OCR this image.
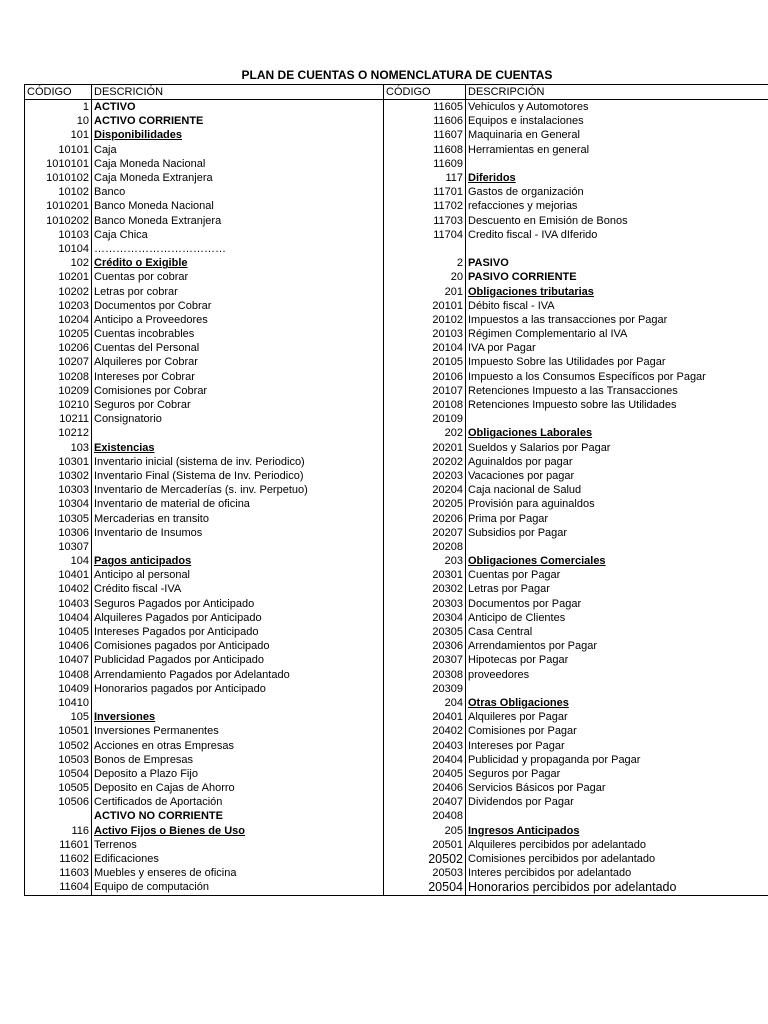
PLAN DE CUENTAS O NOMENCLATURA DE CUENTAS
CÓDIGO	DESCRICIÓN	CÓDIGO	DESCRIPCIÓN
1	ACTIVO	11605	Vehiculos y Automotores
10	ACTIVO CORRIENTE	11606	Equipos e instalaciones
101	Disponibilidades	11607	Maquinaria en General
10101	Caja	11608	Herramientas en general
1010101	Caja Moneda Nacional	11609	
1010102	Caja Moneda Extranjera	117	Diferidos
10102	Banco	11701	Gastos de organización
1010201	Banco Moneda Nacional	11702	refacciones y mejorias
1010202	Banco Moneda Extranjera	11703	Descuento en Emisión de Bonos
10103	Caja Chica	11704	Credito fiscal - IVA dIferido
10104	………………………………		
102	Crédito o Exigible	2	PASIVO
10201	Cuentas por cobrar	20	PASIVO CORRIENTE
10202	Letras por cobrar	201	Obligaciones tributarias
10203	Documentos por Cobrar	20101	Débito fiscal - IVA
10204	Anticipo a Proveedores	20102	Impuestos a las transacciones por Pagar
10205	Cuentas incobrables	20103	Régimen Complementario al IVA
10206	Cuentas del Personal	20104	IVA por Pagar
10207	Alquileres por Cobrar	20105	Impuesto Sobre las Utilidades por Pagar
10208	Intereses por Cobrar	20106	Impuesto a los Consumos Específicos por Pagar
10209	Comisiones por Cobrar	20107	Retenciones Impuesto a las Transacciones
10210	Seguros por Cobrar	20108	Retenciones Impuesto sobre las Utilidades
10211	Consignatorio	20109	
10212		202	Obligaciones Laborales
103	Existencias	20201	Sueldos y Salarios por Pagar
10301	Inventario inicial (sistema de inv. Periodico)	20202	Aguinaldos por pagar
10302	Inventario Final (Sistema de Inv. Periodico)	20203	Vacaciones por pagar
10303	Inventario de Mercaderías (s. inv. Perpetuo)	20204	Caja nacional de Salud
10304	Inventario de material de oficina	20205	Provisión para aguinaldos
10305	Mercaderias en transito	20206	Prima por Pagar
10306	Inventario de Insumos	20207	Subsidios por Pagar
10307		20208	
104	Pagos anticipados	203	Obligaciones Comerciales
10401	Anticipo al personal	20301	Cuentas por Pagar
10402	Crédito fiscal -IVA	20302	Letras por Pagar
10403	Seguros Pagados por Anticipado	20303	Documentos por Pagar
10404	Alquileres Pagados por Anticipado	20304	Anticipo de Clientes
10405	Intereses Pagados por Anticipado	20305	Casa Central
10406	Comisiones pagados por Anticipado	20306	Arrendamientos por Pagar
10407	Publicidad Pagados por Anticipado	20307	Hipotecas por Pagar
10408	Arrendamiento Pagados por Adelantado	20308	proveedores
10409	Honorarios pagados por Anticipado	20309	
10410		204	Otras Obligaciones
105	Inversiones	20401	Alquileres por Pagar
10501	Inversiones Permanentes	20402	Comisiones por Pagar
10502	Acciones en otras Empresas	20403	Intereses por Pagar
10503	Bonos de Empresas	20404	Publicidad y propaganda por Pagar
10504	Deposito a Plazo Fijo	20405	Seguros por Pagar
10505	Deposito en Cajas de Ahorro	20406	Servicios Básicos por Pagar
10506	Certificados de Aportación	20407	Dividendos por Pagar
	ACTIVO NO CORRIENTE	20408	
116	Activo Fijos o Bienes de Uso	205	Ingresos Anticipados
11601	Terrenos	20501	Alquileres percibidos por adelantado
11602	Edificaciones	20502	Comisiones percibidos por adelantado
11603	Muebles y enseres de oficina	20503	Interes percibidos por adelantado
11604	Equipo de computación	20504	Honorarios percibidos por adelantado
